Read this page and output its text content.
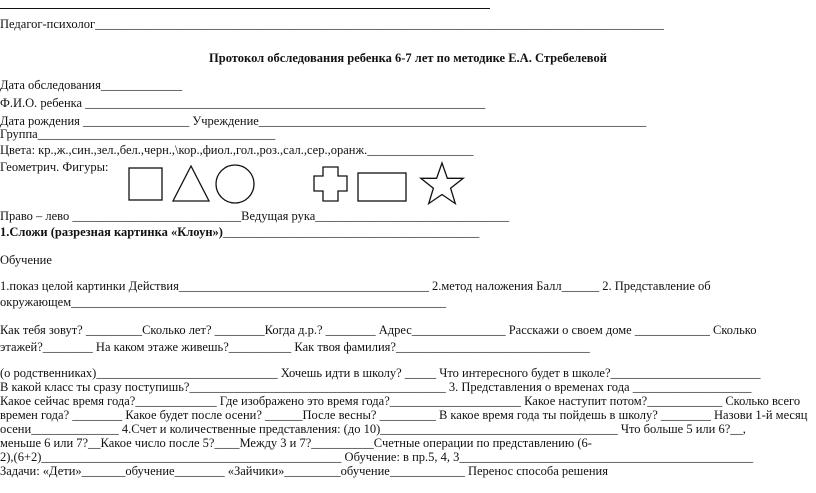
Педагог-психолог___________________________________________________________________________________________
Протокол обследования ребенка 6-7 лет по методике Е.А. Стребелевой
Дата обследования_____________
Ф.И.О. ребенка ________________________________________________________________
Дата рождения _________________ Учреждение______________________________________________________________
Группа______________________________________
Цвета: кр.,ж.,син.,зел.,бел.,черн.,\кор.,фиол.,гол.,роз.,сал.,сер.,оранж._________________
Геометрич. Фигуры:
Право – лево ___________________________Ведущая рука_______________________________
1.Сложи (разрезная картинка «Клоун»)_________________________________________
Обучение
1.показ целой картинки Действия________________________________________ 2.метод наложения Балл______ 2. Представление об
окружающем____________________________________________________________
Как тебя зовут? _________Сколько лет? ________Когда д.р.? ________ Адрес_______________ Расскажи о своем доме ____________ Сколько
этажей?________ На каком этаже живешь?__________ Как твоя фамилия?_______________________________
(о родственниках)_____________________________ Хочешь идти в школу? _____ Что интересного будет в школе?________________________
В какой класс ты сразу поступишь?_________________________________________ 3. Представления о временах года ___________________
Какое сейчас время года?_____________ Где изображено это время года?_____________________ Какое наступит потом?____________ Сколько всего
времен года? ________ Какое будет после осени? ______После весны? _________ В какое время года ты пойдешь в школу? ________ Назови 1-й месяц
осени______________ 4.Счет и количественные представления: (до 10)______________________________________ Что больше 5 или 6?__,
меньше 6 или 7?__Какое число после 5?____Между 3 и 7?__________Счетные операции по представлению (6-
2),(6+2)________________________________________________ Обучение: в пр.5, 4, 3_______________________________________________
Задачи: «Дети»_______обучение________ «Зайчики»_________обучение____________ Перенос способа решения
